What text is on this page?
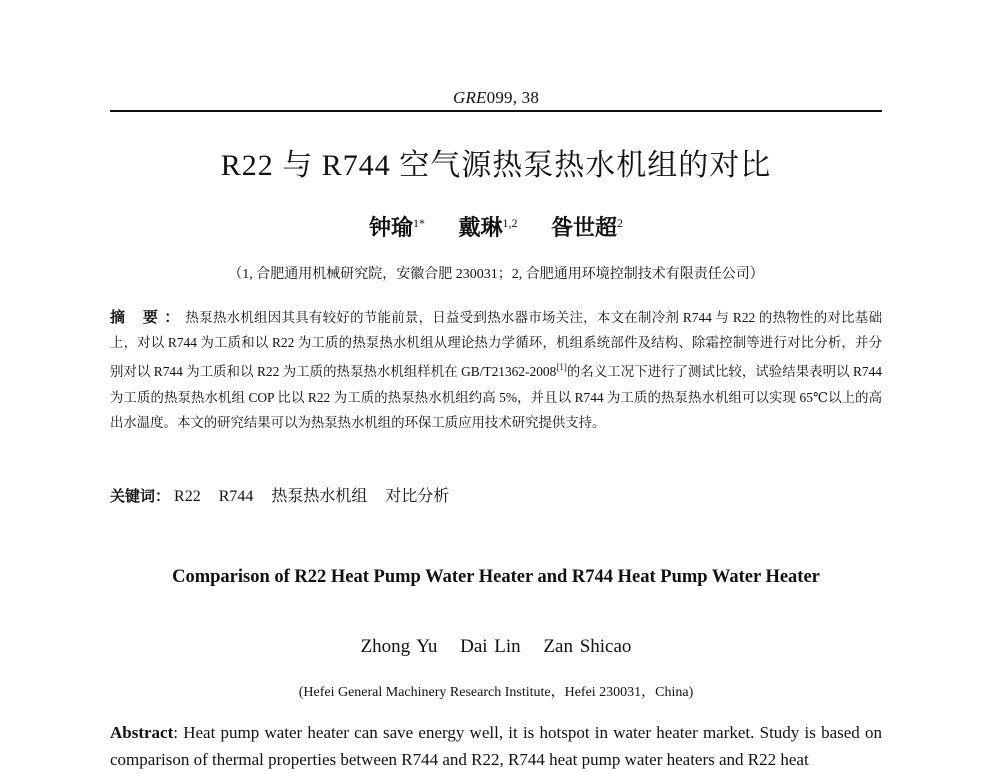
GRE099, 38
R22 与 R744 空气源热泵热水机组的对比
钟瑜$^{1*}$ 戴琳$^{1,2}$ 昝世超$^2$
（1, 合肥通用机械研究院，安徽合肥 230031；2, 合肥通用环境控制技术有限责任公司）
摘 要：热泵热水机组因其具有较好的节能前景，日益受到热水器市场关注，本文在制冷剂 R744 与 R22 的热物性的对比基础上，对以 R744 为工质和以 R22 为工质的热泵热水机组从理论热力学循环，机组系统部件及结构、除霜控制等进行对比分析，并分别对以 R744 为工质和以 R22 为工质的热泵热水机组样机在 GB/T21362-2008[1]的名义工况下进行了测试比较，试验结果表明以 R744 为工质的热泵热水机组 COP 比以 R22 为工质的热泵热水机组约高 5%，并且以 R744 为工质的热泵热水机组可以实现 65℃以上的高出水温度。本文的研究结果可以为热泵热水机组的环保工质应用技术研究提供支持。
关键词： R22 R744 热泵热水机组 对比分析
Comparison of R22 Heat Pump Water Heater and R744 Heat Pump Water Heater
Zhong Yu Dai Lin Zan Shicao
(Hefei General Machinery Research Institute，Hefei 230031，China)
Abstract: Heat pump water heater can save energy well, it is hotspot in water heater market. Study is based on comparison of thermal properties between R744 and R22, R744 heat pump water heaters and R22 heat
